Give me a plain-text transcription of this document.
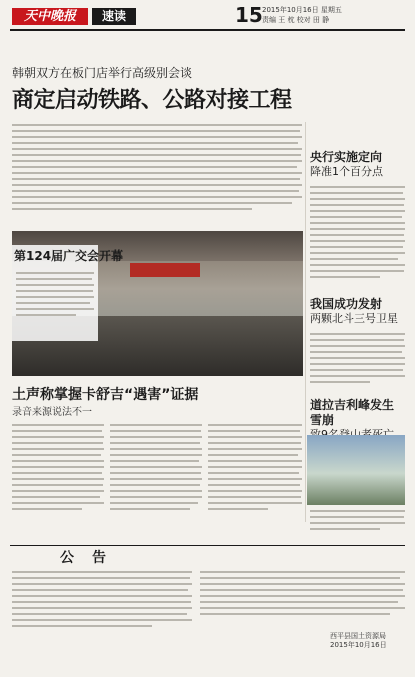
天中晚报	速读	15 2015年10月16日 星期五
责编 王 枕 校对 田 静
韩朝双方在板门店举行高级别会谈
商定启动铁路、公路对接工程
央行实施定向
降准1个百分点
我国成功发射
两颗北斗三号卫星
道拉吉利峰发生雪崩
第124届广交会开幕
土声称掌握卡舒吉“遇害”证据
录音来源说法不一
公告
西平县国土资源局
2015年10月16日
